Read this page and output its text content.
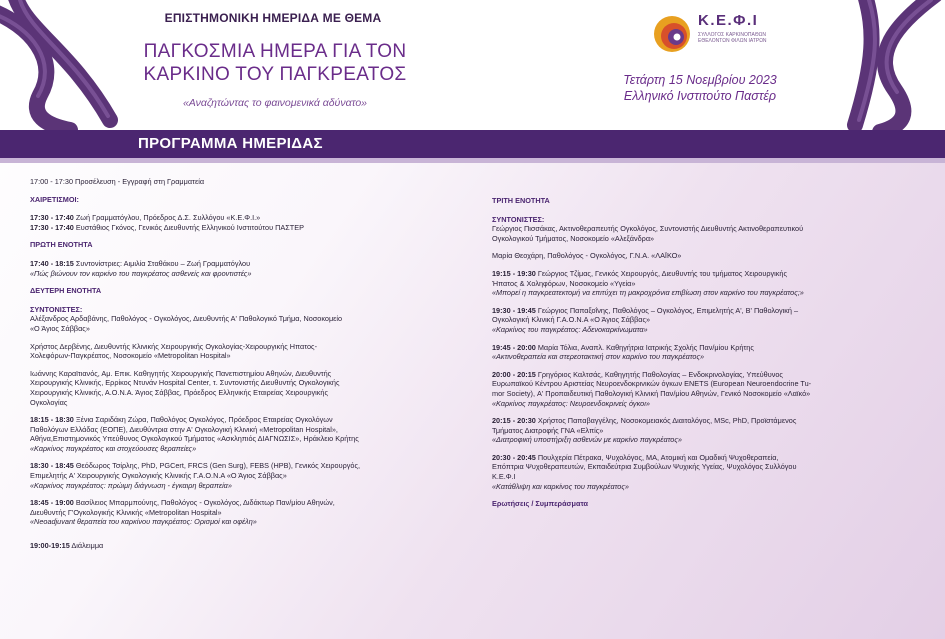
ΕΠΙΣΤΗΜΟΝΙΚΗ ΗΜΕΡΙΔΑ ΜΕ ΘΕΜΑ
ΠΑΓΚΟΣΜΙΑ ΗΜΕΡΑ ΓΙΑ ΤΟΝ
ΚΑΡΚΙΝΟ ΤΟΥ ΠΑΓΚΡΕΑΤΟΣ
«Αναζητώντας το φαινομενικά αδύνατο»
Κ.Ε.Φ.Ι
ΣΥΛΛΟΓΟΣ ΚΑΡΚΙΝΟΠΑΘΩΝ ΕΘΕΛΟΝΤΩΝ ΦΙΛΩΝ ΙΑΤΡΩΝ
Τετάρτη 15 Νοεμβρίου 2023
Ελληνικό Ινστιτούτο Παστέρ
ΠΡΟΓΡΑΜΜΑ ΗΜΕΡΙΔΑΣ
17:00 - 17:30 Προσέλευση - Εγγραφή στη Γραμματεία
ΧΑΙΡΕΤΙΣΜΟΙ:
17:30 - 17:40 Ζωή Γραμματόγλου, Πρόεδρος Δ.Σ. Συλλόγου «Κ.Ε.Φ.Ι.»
17:30 - 17:40 Ευστάθιος Γκόνος, Γενικός Διευθυντής Ελληνικού Ινστιτούτου ΠΑΣΤΕΡ
ΠΡΩΤΗ ΕΝΟΤΗΤΑ
17:40 - 18:15 Συντονίστριες: Αιμιλία Σταθάκου – Ζωή Γραμματόγλου
«Πώς βιώνουν τον καρκίνο του παγκρέατος ασθενείς και φροντιστές»
ΔΕΥΤΕΡΗ ΕΝΟΤΗΤΑ
ΣΥΝΤΟΝΙΣΤΕΣ:
Αλέξανδρος Αρδαβάνης, Παθολόγος - Ογκολόγος, Διευθυντής Α' Παθολογικό Τμήμα, Νοσοκομείο
«Ο Άγιος Σάββας»
Χρήστος Δερβένης, Διευθυντής Κλινικής Χειρουργικής Ογκολογίας-Χειρουργικής Ηπατος-
Χολεφόρων-Παγκρέατος, Νοσοκομείο «Metropolitan Hospital»
Ιωάννης Καραϊτιανός, Αμ. Επικ. Καθηγητής Χειρουργικής Πανεπιστημίου Αθηνών, Διευθυντής
Χειρουργικής Κλινικής, Ερρίκος Ντυνάν Hospital Center, τ. Συντονιστής Διευθυντής Ογκολογικής
Χειρουργικής Κλινικής, Α.Ο.Ν.Α. Άγιος Σάββας, Πρόεδρος Ελληνικής Εταιρείας Χειρουργικής
Ογκολογίας
18:15 - 18:30 Ξένια Σαριδάκη Ζώρα, Παθολόγος Ογκολόγος, Πρόεδρος Εταιρείας Ογκολόγων
Παθολόγων Ελλάδας (ΕΟΠΕ), Διευθύντρια στην Α' Ογκολογική Κλινική «Metropolitan Hospital»,
Αθήνα,Επιστημονικός Υπεύθυνος Ογκολογικού Τμήματος «Ασκληπιός ΔΙΑΓΝΩΣΙΣ», Ηράκλειο Κρήτης
«Καρκίνος παγκρέατος και στοχεύουσες θεραπείες»
18:30 - 18:45 Θεόδωρος Τσίρλης, PhD, PGCert, FRCS (Gen Surg), FEBS (HPB), Γενικός Χειρουργός,
Επιμελητής Α' Χειρουργικής Ογκολογικής Κλινικής Γ.Α.Ο.Ν.Α «Ο Άγιος Σάββας»
«Καρκίνος παγκρέατος: πρώιμη διάγνωση - έγκαιρη θεραπεία»
18:45 - 19:00 Βασίλειος Μπαρμπούνης, Παθολόγος - Ογκολόγος, Διδάκτωρ Παν/μίου Αθηνών,
Διευθυντής Γ'Ογκολογικής Κλινικής «Metropolitan Hospital»
«Neoadjuvant θεραπεία του καρκίνου παγκρέατος: Ορισμοί και οφέλη»
19:00-19:15 Διάλειμμα
ΤΡΙΤΗ ΕΝΟΤΗΤΑ
ΣΥΝΤΟΝΙΣΤΕΣ:
Γεώργιος Πισσάκας, Ακτινοθεραπευτής Ογκολόγος, Συντονιστής Διευθυντής Ακτινοθεραπευτικού
Ογκολογικού Τμήματος, Νοσοκομείο «Αλεξάνδρα»
Μαρία Θεοχάρη, Παθολόγος - Ογκολόγος, Γ.Ν.Α. «ΛΑΪΚΟ»
19:15 - 19:30 Γεώργιος Τζίμας, Γενικός Χειρουργός, Διευθυντής του τμήματος Χειρουργικής
Ήπατος & Χοληφόρων, Νοσοκομείο «Υγεία»
«Μπορεί η παγκρεατεκτομή να επιτύχει τη μακροχρόνια επιβίωση στον καρκίνο του παγκρέατος;»
19:30 - 19:45 Γεώργιος Παπαξοΐνης, Παθολόγος – Ογκολόγος, Επιμελητής Α', Β' Παθολογική –
Ογκολογική Κλινική Γ.Α.Ο.Ν.Α «Ο Άγιος Σάββας»
«Καρκίνος του παγκρέατος: Αδενοκαρκίνωματα»
19:45 - 20:00 Μαρία Τόλια, Αναπλ. Καθηγήτρια Ιατρικής Σχολής Παν/μίου Κρήτης
«Ακτινοθεραπεία και στερεοτακτική στον καρκίνο του παγκρέατος»
20:00 - 20:15 Γρηγόριος Καλτσάς, Καθηγητής Παθολογίας – Ενδοκρινολογίας, Υπεύθυνος
Ευρωπαϊκού Κέντρου Αριστείας Νευροενδοκρινικών όγκων ENETS (European Neuroendocrine Tu-
mor Society), Α' Προπαιδευτική Παθολογική Κλινική Παν/μίου Αθηνών, Γενικό Νοσοκομείο «Λαϊκό»
«Καρκίνος παγκρέατος: Νευροενδοκρινείς όγκοι»
20:15 - 20:30 Χρήστος Παπαβαγγέλης, Νοσοκομειακός Διαιτολόγος, MSc, PhD, Προϊστάμενος
Τμήματος Διατροφής ΓΝΑ «Ελπίς»
«Διατροφική υποστήριξη ασθενών με καρκίνο παγκρέατος»
20:30 - 20:45 Πουλχερία Πέτρακα, Ψυχολόγος, ΜΑ, Ατομική και Ομαδική Ψυχοθεραπεία,
Επόπτρια Ψυχοθεραπευτών, Εκπαιδεύτρια Συμβούλων Ψυχικής Υγείας, Ψυχολόγος Συλλόγου
Κ.Ε.Φ.Ι
«Κατάθλιψη και καρκίνος του παγκρέατος»
Ερωτήσεις / Συμπεράσματα
